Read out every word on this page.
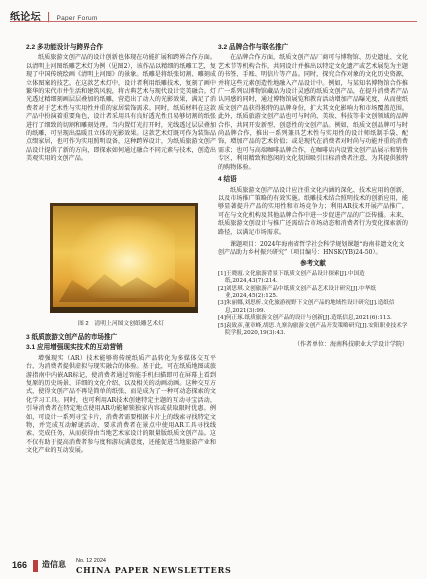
纸论坛 | Paper Forum
2.2 多功能设计与跨界合作

纸质旅游文创产品的设计创新也体现在功能扩展和跨界合作方面。以清明上河图纸雕艺术灯为例（见图2），该作品以精细的纸雕工艺，复现了中国传统绘画《清明上河图》的景象。纸雕是将纸张切割、雕刻成立体图案的技艺。在这款艺术灯中，设计者利用纸雕技术，复刻了画中繁华的宋代市井生活和建筑风貌，将古典艺术与现代设计完美融合。灯光透过精细刻画层层叠加的纸雕，营造出了动人的光影效果，满足了消费者对于艺术性与实用性并重的家居装饰需求。同时，纸质材料在这款产品中扮演着重要角色，设计者采用具有良好透光性且易够切割的纸张进行了细致的切割和雕刻处理。当内置灯光打开时，光线透过层层叠加的纸雕，可呈现出温暖且立体的光影效果。这款艺术灯既可作为装饰品点缀家居，也可作为实用照明设备，这种跨界设计，为纸质旅游文创产品设计提供了新的方向，即探索如何通过融合不同元素与技术，创造出美观实用的文创产品。

图 2　清明上河图文创纸雕艺术灯
3 纸质旅游文创产品的市场推广
3.1 应用增强现实技术的互动营销

增强现实（AR）技术能够将传统纸质产品转化为多媒体交互平台，为消费者提供虚拟与现实融合的体验。基于此，可在纸质地图或旅游指南中内嵌AR标记，使消费者通过智能手机扫描即可在屏幕上看到复原的历史场景、详细的文化介绍、以及相关的动画动画。这种交互方式，使得文创产品不再是简单的纸张，而是成为了一种可动态探索的文化学习工具。同时，也可利用AR技术创建特定主题的互动寻宝活动，引导消费者在特定地点使用AR功能解锁独家内容或获取限时优惠。例如，可设计一系列寻宝卡片，消费者需要根据卡片上的线索寻找特定文物，并完成互动解谜活动，要求消费者在景点中使用AR工具寻找线索、完成任务，从而获得由当地艺术家设计的限量版纸质文创产品。这不仅有助于提高消费者参与度和游玩满意度，还能促进当地旅游产业和文化产业的互动发展。

3.2 品牌合作与联名推广

在品牌合作方面，纸质文创产品厂商可与博物馆、历史遗址、文化艺术节等机构合作，共同设计并推出以特定文化遗产或艺术展览为主题的书签、手账、明信片等产品。同时，探究合作对象的文化历史资源，并将这些元素创造性地融入产品设计中。例如，与某知名博物馆合作推广一系列以博物馆藏品为设计灵感的纸质文创产品，在提升消费者产品认同感的同时，通过博物馆展览和教育活动增加产品曝光度，从而使纸质文创产品获得独特的品牌身份，扩大其文化影响力和市场覆盖范围。此外，纸质旅游文创产品也可与时尚、美妆、科技等非文创领域的品牌合作，共同开发新型、创意性的文创产品。例如，纸质文创品牌可与时尚品牌合作，推出一系列兼具艺术性与实用性的设计师纸制手袋、配饰，增加产品的艺术价值；或是现代在消费者对时尚与功能并重的消费需求；也可与高端咖啡品牌合作，在咖啡店内设置文创产品展示和销售专区，利用精致和悠闲的文化氛围吸引目标消费者注意，为其提供独特的购物体验。

4 结语

纸质旅游文创产品设计应注重文化内涵的深化、技术应用的创新，以及市场推广策略的有效实施。纸雕技术结合照明技术的创新应用，能够显著提升产品的实用性和市场竞争力；利用AR技术开展产品推广，可在与文化机构及其他品牌合作中进一步促进产品的广泛传播。未来，纸质旅游文创设计与推广还需结合市场动态和消费者行为变化探索新的路径，以满足市场需求。

课题项目：2024年海南省哲学社会科学规划课题“海南非遗文化文创产品助力乡村振兴研究”（项目编号：HNSK(YB)24-50）。

参考文献

[1]王晓霞.文化旅游背景下纸质文创产品设计探索[J].中国造纸,2024,43(7):214.

[2]刘思琪.文创旅游产品中纸质文创产品艺术设计研究[J].中华纸业,2024,45(2):125.

[3]朱丽娜,刘思析.文化旅游视野下文创产品的地域性设计研究[J].造纸信息,2021(3):99.

[4]何正琢.纸质旅游文创产品的设计与创新[J].造纸信息,2021(6):113.

[5]袁致彦,董章峰,胡思.九寨沟旅游文创产品开发策略研究[J].安阳职业技术学院学报,2020,19(3):43.

（作者单位：海南科技职业大学设计学院）
166 造信息 No. 12 2024
CHINA PAPER NEWSLETTERS
